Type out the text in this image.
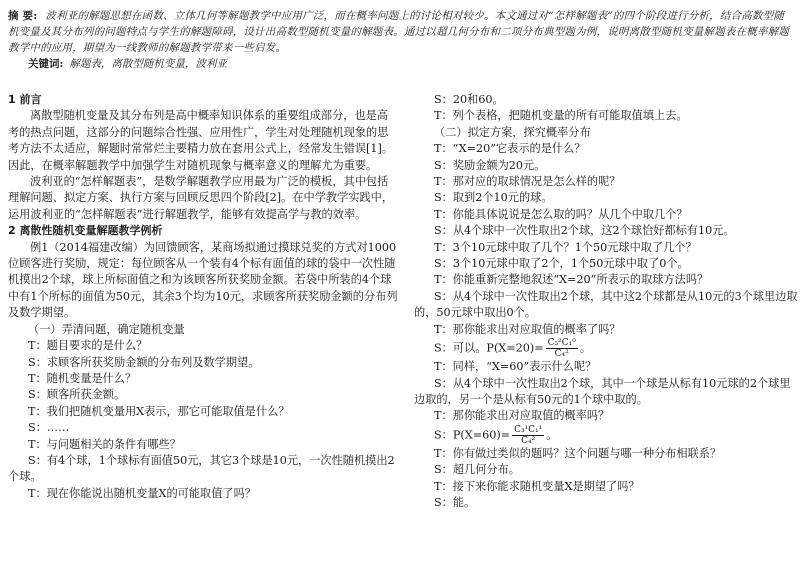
摘 要: 波利亚的解题思想在函数、立体几何等解题教学中应用广泛，而在概率问题上的讨论相对较少。本文通过对“怎样解题表”的四个阶段进行分析，结合高数型随机变量及其分布列的问题特点与学生的解题障碍，设计出高数型随机变量的解题表。通过以超几何分布和二项分布典型题为例，说明离散型随机变量解题表在概率解题教学中的应用，期望为一线教师的解题教学带来一些启发。
关键词: 解题表，离散型随机变量，波利亚

1 前言

离散型随机变量及其分布列是高中概率知识体系的重要组成部分，也是高考的热点问题，这部分的问题综合性强、应用性广，学生对处理随机现象的思考方法不太适应，解题时常常烂主要精力放在套用公式上，经常发生错误[1]。因此，在概率解题教学中加强学生对随机现象与概率意义的理解尤为重要。

波利亚的“怎样解题表”，是数学解题教学应用最为广泛的模板，其中包括理解问题、拟定方案、执行方案与回顾反思四个阶段[2]。在中学教学实践中，运用波利亚的“怎样解题表”进行解题教学，能够有效提高学与教的效率。

2 离散性随机变量解题教学例析

例1（2014福建改编）为回馈顾客，某商场拟通过摸球兑奖的方式对1000位顾客进行奖励，规定：每位顾客从一个装有4个标有面值的球的袋中一次性随机摸出2个球，球上所标面值之和为该顾客所获奖励金额。若袋中所装的4个球中有1个所标的面值为50元，其余3个均为10元，求顾客所获奖励金额的分布列及数学期望。

（一）弄清问题，确定随机变量

T：题目要求的是什么？

S：求顾客所获奖励金额的分布列及数学期望。

T：随机变量是什么？

S：顾客所获金额。

T：我们把随机变量用X表示，那它可能取值是什么？

S：……

T：与问题相关的条件有哪些？

S：有4个球，1个球标有面值50元，其它3个球是10元，一次性随机摸出2个球。

T：现在你能说出随机变量X的可能取值了吗？

S：20和60。

T：列个表格，把随机变量的所有可能取值填上去。

（二）拟定方案，探究概率分布

T：“X=20”它表示的是什么？

S：奖励金额为20元。

T：那对应的取球情况是怎么样的呢？

S：取到2个10元的球。

T：你能具体说说是怎么取的吗？从几个中取几个？

S：从4个球中一次性取出2个球，这2个球恰好都标有10元。

T：3个10元球中取了几个？1个50元球中取了几个？

S：3个10元球中取了2个，1个50元球中取了0个。

T：你能重新完整地叙述“X=20”所表示的取球方法吗？

S：从4个球中一次性取出2个球，其中这2个球都是从10元的3个球里边取的，50元球中取出0个。

T：那你能求出对应取值的概率了吗？

S：可以。$P(X=20)= \frac{\text{C₃²C₁⁰}}{\text{C₄²}}$ 。

T：同样，“X=60”表示什么呢？

S：从4个球中一次性取出2个球，其中一个球是从标有10元球的2个球里边取的，另一个是从标有50元的1个球中取的。

T：那你能求出对应取值的概率吗？

S：$P(X=60)= \frac{\text{C₃¹C₁¹}}{\text{C₄²}}$ 。

T：你有做过类似的题吗？这个问题与哪一种分布相联系？

S：超几何分布。

T：接下来你能求随机变量X是期望了吗？

S：能。
